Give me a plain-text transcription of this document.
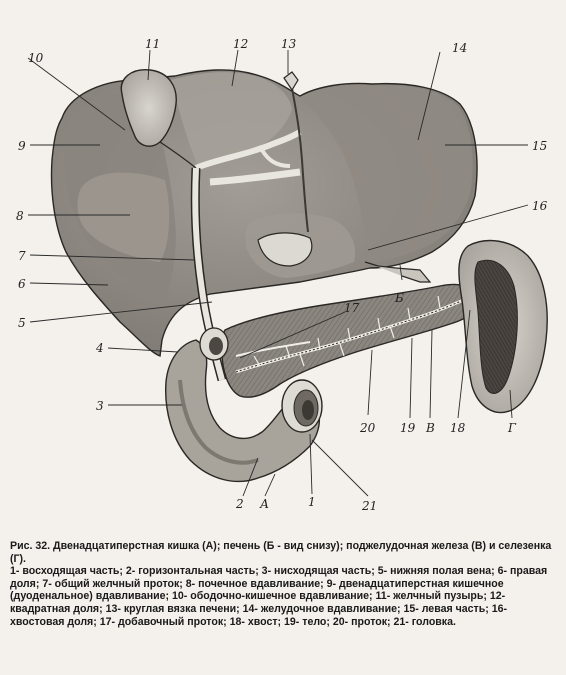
10
11	12	13	14
9	15
8
16
7
6
Б
5
17
4
3
20 19 В 18	Г
2 А	1	21
Рис. 32. Двенадцатиперстная кишка (А); печень (Б - вид снизу); поджелудочная железа (В) и селезенка (Г).
1- восходящая часть; 2- горизонтальная часть; 3- нисходящая часть; 5- нижняя полая вена; 6- правая доля; 7- общий желчный проток; 8- почечное вдавливание; 9- двенадцатиперстная кишечное (дуоденальное) вдавливание; 10- ободочно-кишечное вдавливание; 11- желчный пузырь; 12- квадратная доля; 13- круглая вязка печени; 14- желудочное вдавливание; 15- левая часть; 16- хвостовая доля; 17- добавочный проток; 18- хвост; 19- тело; 20- проток; 21- головка.
